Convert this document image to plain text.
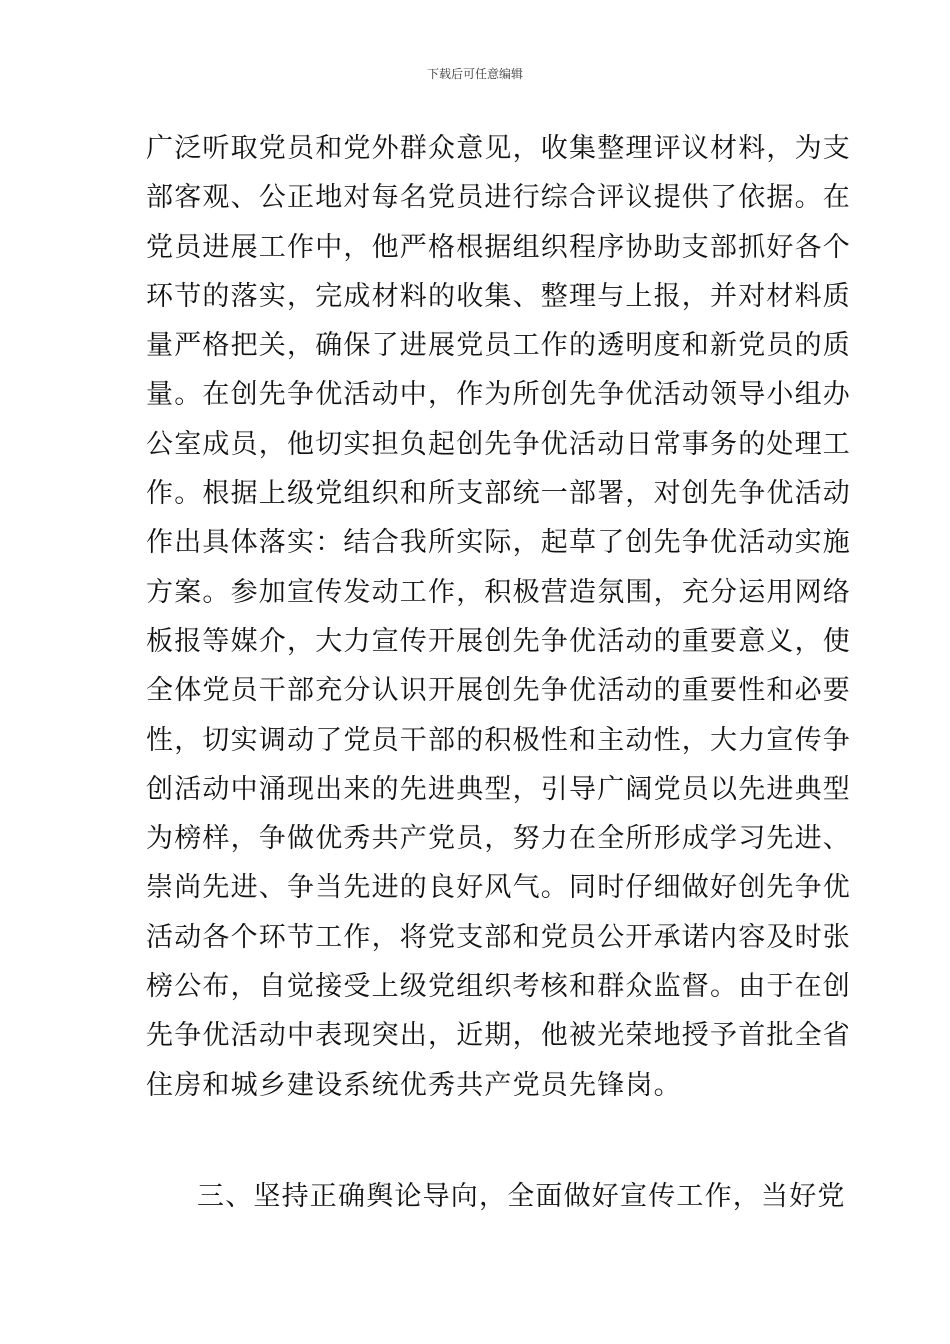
下载后可任意编辑
广泛听取党员和党外群众意见，收集整理评议材料，为支
部客观、公正地对每名党员进行综合评议提供了依据。在
党员进展工作中，他严格根据组织程序协助支部抓好各个
环节的落实，完成材料的收集、整理与上报，并对材料质
量严格把关，确保了进展党员工作的透明度和新党员的质
量。在创先争优活动中，作为所创先争优活动领导小组办
公室成员，他切实担负起创先争优活动日常事务的处理工
作。根据上级党组织和所支部统一部署，对创先争优活动
作出具体落实：结合我所实际，起草了创先争优活动实施
方案。参加宣传发动工作，积极营造氛围，充分运用网络
板报等媒介，大力宣传开展创先争优活动的重要意义，使
全体党员干部充分认识开展创先争优活动的重要性和必要
性，切实调动了党员干部的积极性和主动性，大力宣传争
创活动中涌现出来的先进典型，引导广阔党员以先进典型
为榜样，争做优秀共产党员，努力在全所形成学习先进、
崇尚先进、争当先进的良好风气。同时仔细做好创先争优
活动各个环节工作，将党支部和党员公开承诺内容及时张
榜公布，自觉接受上级党组织考核和群众监督。由于在创
先争优活动中表现突出，近期，他被光荣地授予首批全省
住房和城乡建设系统优秀共产党员先锋岗。
三、坚持正确舆论导向，全面做好宣传工作，当好党
